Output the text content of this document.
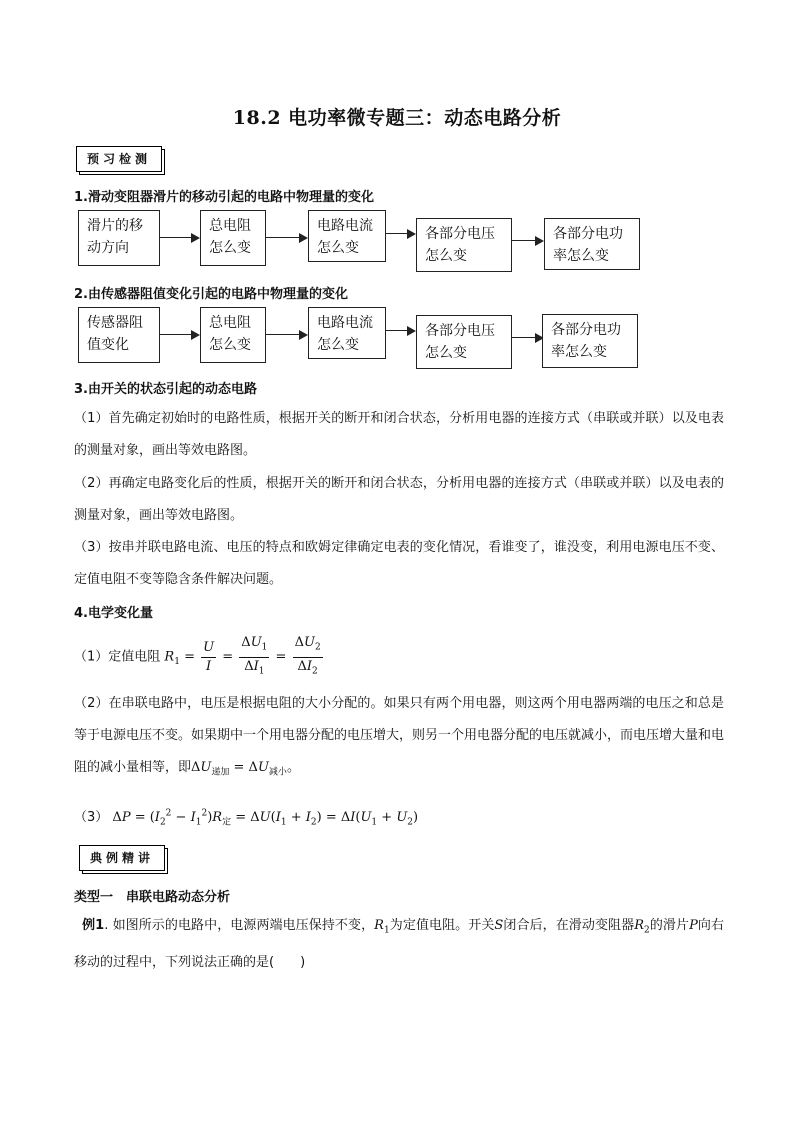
18.2 电功率微专题三：动态电路分析
预习检测
1.滑动变阻器滑片的移动引起的电路中物理量的变化
滑片的移
动方向
总电阻
怎么变
电路电流
怎么变
各部分电压
怎么变
各部分电功
率怎么变
2.由传感器阻值变化引起的电路中物理量的变化
传感器阻
值变化
总电阻
怎么变
电路电流
怎么变
各部分电压
怎么变
各部分电功
率怎么变
3.由开关的状态引起的动态电路
（1）首先确定初始时的电路性质，根据开关的断开和闭合状态，分析用电器的连接方式（串联或并联）以及电表的测量对象，画出等效电路图。
（2）再确定电路变化后的性质，根据开关的断开和闭合状态，分析用电器的连接方式（串联或并联）以及电表的测量对象，画出等效电路图。
（3）按串并联电路电流、电压的特点和欧姆定律确定电表的变化情况，看谁变了，谁没变，利用电源电压不变、定值电阻不变等隐含条件解决问题。
4.电学变化量
（1）定值电阻 $R_1 = \frac{U}{I} = \frac{\Delta U_1}{\Delta I_1} = \frac{\Delta U_2}{\Delta I_2}$
（2）在串联电路中，电压是根据电阻的大小分配的。如果只有两个用电器，则这两个用电器两端的电压之和总是等于电源电压不变。如果期中一个用电器分配的电压增大，则另一个用电器分配的电压就减小，而电压增大量和电阻的减小量相等，即$\Delta U_{递加} = \Delta U_{减小}$。
（3） $\Delta P = (I_2^2 - I_1^2)R_定 = \Delta U(I_1 + I_2) = \Delta I(U_1 + U_2)$
典例精讲
类型一　串联电路动态分析
例1. 如图所示的电路中，电源两端电压保持不变，$R_1$为定值电阻。开关S闭合后，在滑动变阻器$R_2$的滑片P向右移动的过程中，下列说法正确的是(　　)
